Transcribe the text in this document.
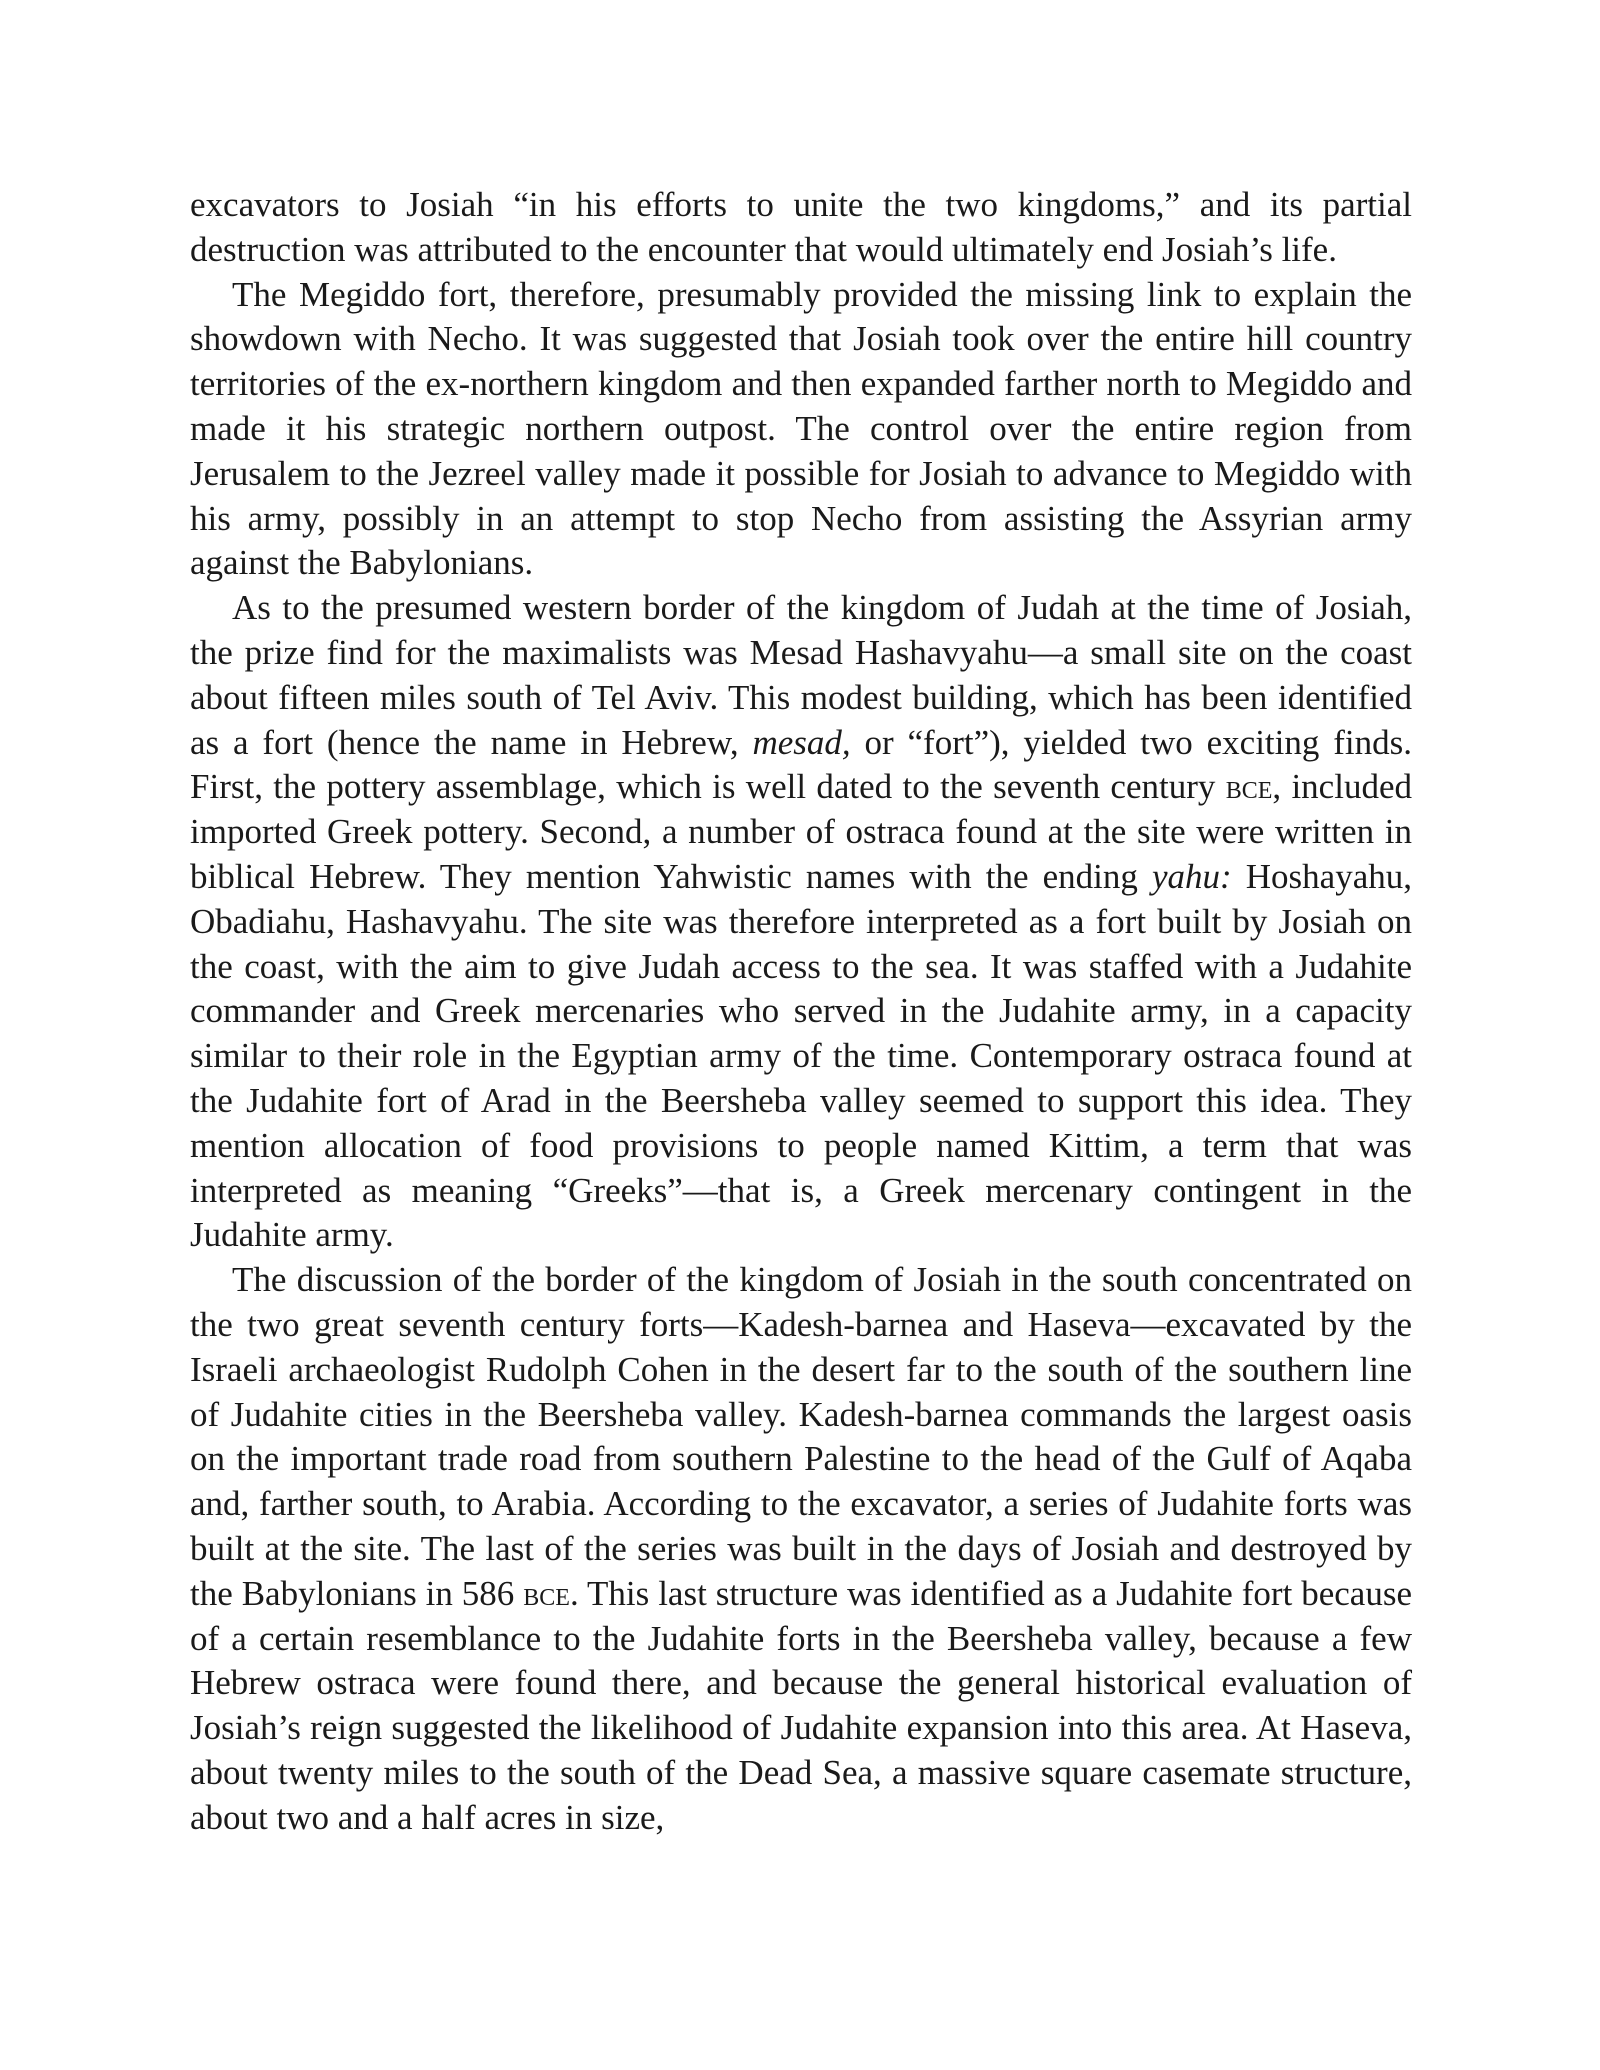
excavators to Josiah “in his efforts to unite the two kingdoms,” and its partial destruction was attributed to the encounter that would ultimately end Josiah’s life.

The Megiddo fort, therefore, presumably provided the missing link to explain the showdown with Necho. It was suggested that Josiah took over the entire hill country territories of the ex-northern kingdom and then expanded farther north to Megiddo and made it his strategic northern outpost. The control over the entire region from Jerusalem to the Jezreel valley made it possible for Josiah to advance to Megiddo with his army, possibly in an attempt to stop Necho from assisting the Assyrian army against the Babylonians.

As to the presumed western border of the kingdom of Judah at the time of Josiah, the prize find for the maximalists was Mesad Hashavyahu—a small site on the coast about fifteen miles south of Tel Aviv. This modest building, which has been identified as a fort (hence the name in Hebrew, mesad, or “fort”), yielded two exciting finds. First, the pottery assemblage, which is well dated to the seventh century bce, included imported Greek pottery. Second, a number of ostraca found at the site were written in biblical Hebrew. They mention Yahwistic names with the ending yahu: Hoshayahu, Obadiahu, Hashavyahu. The site was therefore interpreted as a fort built by Josiah on the coast, with the aim to give Judah access to the sea. It was staffed with a Judahite commander and Greek mercenaries who served in the Judahite army, in a capacity similar to their role in the Egyptian army of the time. Contemporary ostraca found at the Judahite fort of Arad in the Beersheba valley seemed to support this idea. They mention allocation of food provisions to people named Kittim, a term that was interpreted as meaning “Greeks”—that is, a Greek mercenary contingent in the Judahite army.

The discussion of the border of the kingdom of Josiah in the south concentrated on the two great seventh century forts—Kadesh-barnea and Haseva—excavated by the Israeli archaeologist Rudolph Cohen in the desert far to the south of the southern line of Judahite cities in the Beersheba valley. Kadesh-barnea commands the largest oasis on the important trade road from southern Palestine to the head of the Gulf of Aqaba and, farther south, to Arabia. According to the excavator, a series of Judahite forts was built at the site. The last of the series was built in the days of Josiah and destroyed by the Babylonians in 586 bce. This last structure was identified as a Judahite fort because of a certain resemblance to the Judahite forts in the Beersheba valley, because a few Hebrew ostraca were found there, and because the general historical evaluation of Josiah’s reign suggested the likelihood of Judahite expansion into this area. At Haseva, about twenty miles to the south of the Dead Sea, a massive square casemate structure, about two and a half acres in size,
